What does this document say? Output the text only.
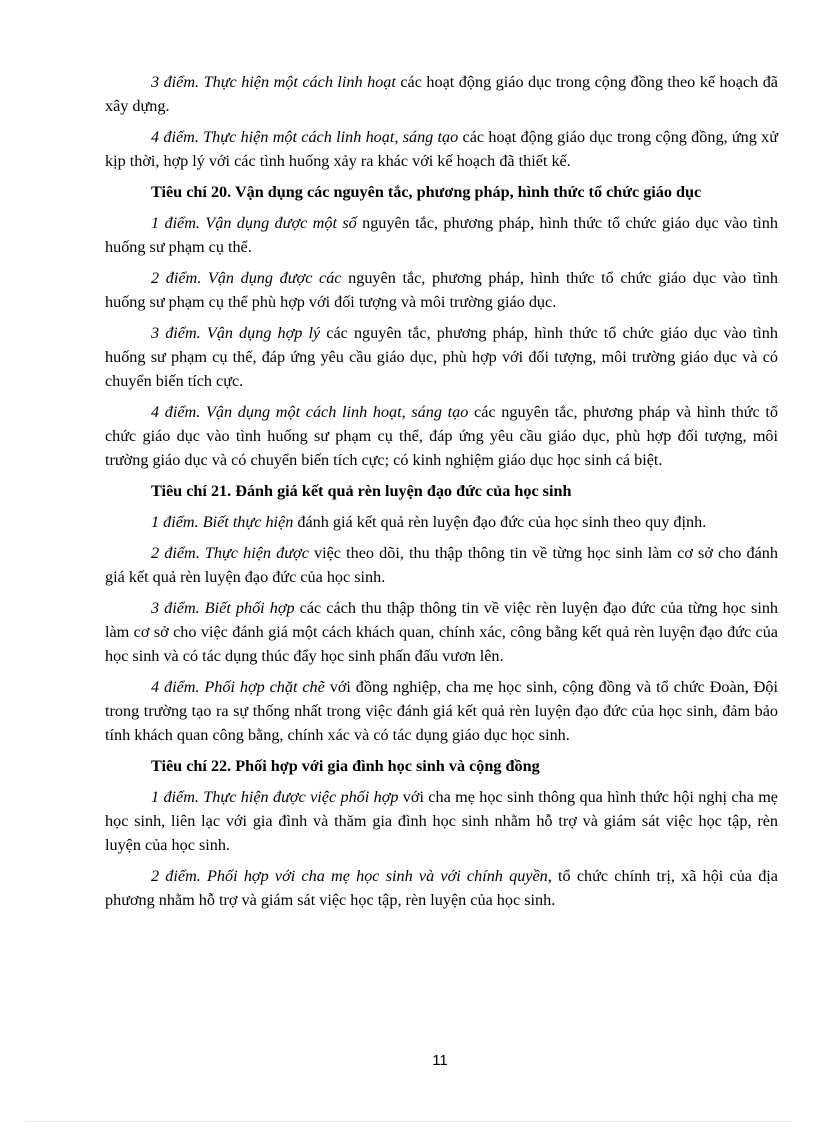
3 điểm. Thực hiện một cách linh hoạt các hoạt động giáo dục trong cộng đồng theo kế hoạch đã xây dựng.

4 điểm. Thực hiện một cách linh hoạt, sáng tạo các hoạt động giáo dục trong cộng đồng, ứng xử kịp thời, hợp lý với các tình huống xảy ra khác với kế hoạch đã thiết kế.

Tiêu chí 20. Vận dụng các nguyên tắc, phương pháp, hình thức tổ chức giáo dục

1 điểm. Vận dụng được một số nguyên tắc, phương pháp, hình thức tổ chức giáo dục vào tình huống sư phạm cụ thể.

2 điểm. Vận dụng được các nguyên tắc, phương pháp, hình thức tổ chức giáo dục vào tình huống sư phạm cụ thể phù hợp với đối tượng và môi trường giáo dục.

3 điểm. Vận dụng hợp lý các nguyên tắc, phương pháp, hình thức tổ chức giáo dục vào tình huống sư phạm cụ thể, đáp ứng yêu cầu giáo dục, phù hợp với đối tượng, môi trường giáo dục và có chuyển biến tích cực.

4 điểm. Vận dụng một cách linh hoạt, sáng tạo các nguyên tắc, phương pháp và hình thức tổ chức giáo dục vào tình huống sư phạm cụ thể, đáp ứng yêu cầu giáo dục, phù hợp đối tượng, môi trường giáo dục và có chuyển biến tích cực; có kinh nghiệm giáo dục học sinh cá biệt.

Tiêu chí 21. Đánh giá kết quả rèn luyện đạo đức của học sinh

1 điểm. Biết thực hiện đánh giá kết quả rèn luyện đạo đức của học sinh theo quy định.

2 điểm. Thực hiện được việc theo dõi, thu thập thông tin về từng học sinh làm cơ sở cho đánh giá kết quả rèn luyện đạo đức của học sinh.

3 điểm. Biết phối hợp các cách thu thập thông tin về việc rèn luyện đạo đức của từng học sinh làm cơ sở cho việc đánh giá một cách khách quan, chính xác, công bằng kết quả rèn luyện đạo đức của học sinh và có tác dụng thúc đẩy học sinh phấn đấu vươn lên.

4 điểm. Phối hợp chặt chẽ với đồng nghiệp, cha mẹ học sinh, cộng đồng và tổ chức Đoàn, Đội trong trường tạo ra sự thống nhất trong việc đánh giá kết quả rèn luyện đạo đức của học sinh, đảm bảo tính khách quan công bằng, chính xác và có tác dụng giáo dục học sinh.

Tiêu chí 22. Phối hợp với gia đình học sinh và cộng đồng

1 điểm. Thực hiện được việc phối hợp với cha mẹ học sinh thông qua hình thức hội nghị cha mẹ học sinh, liên lạc với gia đình và thăm gia đình học sinh nhằm hỗ trợ và giám sát việc học tập, rèn luyện của học sinh.

2 điểm. Phối hợp với cha mẹ học sinh và với chính quyền, tổ chức chính trị, xã hội của địa phương nhằm hỗ trợ và giám sát việc học tập, rèn luyện của học sinh.

11
